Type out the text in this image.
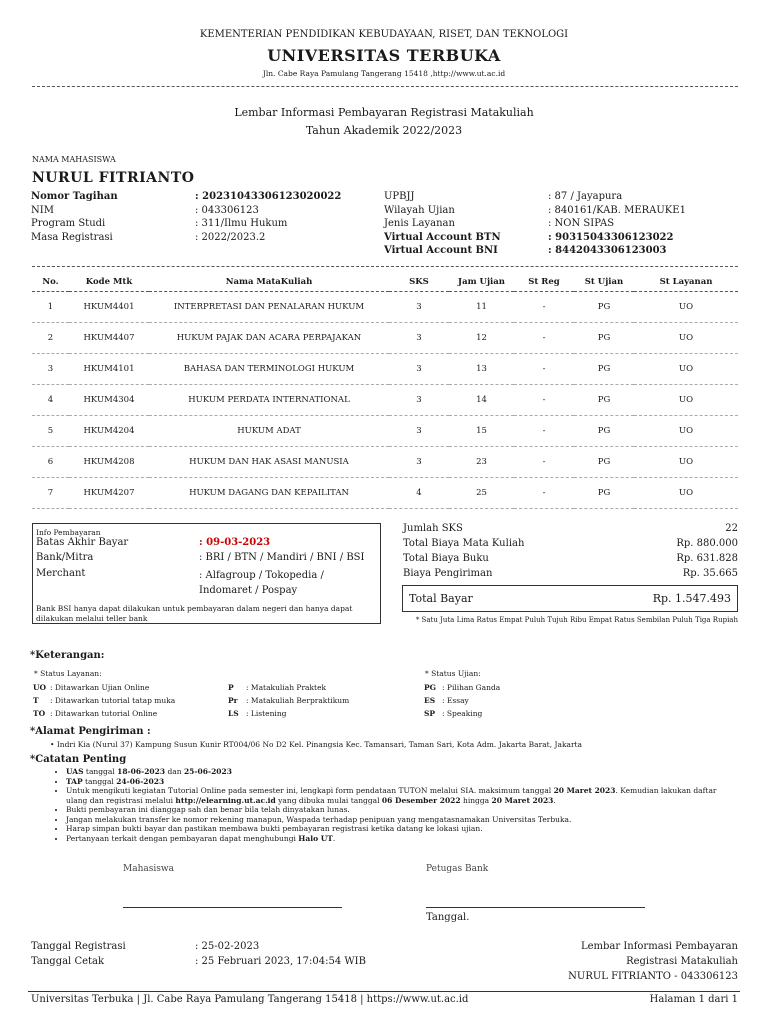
KEMENTERIAN PENDIDIKAN KEBUDAYAAN, RISET, DAN TEKNOLOGI
UNIVERSITAS TERBUKA
Jln. Cabe Raya Pamulang Tangerang 15418 ,http://www.ut.ac.id
Lembar Informasi Pembayaran Registrasi Matakuliah
Tahun Akademik 2022/2023
NAMA MAHASISWA
NURUL FITRIANTO
Nomor Tagihan	: 20231043306123020022
NIM	: 043306123
Program Studi	: 311/Ilmu Hukum
Masa Registrasi	: 2022/2023.2
UPBJJ	: 87 / Jayapura
Wilayah Ujian	: 840161/KAB. MERAUKE1
Jenis Layanan	: NON SIPAS
Virtual Account BTN	: 90315043306123022
Virtual Account BNI	: 8442043306123003
No.	Kode Mtk	Nama MataKuliah	SKS	Jam Ujian	St Reg	St Ujian	St Layanan
1	HKUM4401	INTERPRETASI DAN PENALARAN HUKUM	3	11	-	PG	UO
2	HKUM4407	HUKUM PAJAK DAN ACARA PERPAJAKAN	3	12	-	PG	UO
3	HKUM4101	BAHASA DAN TERMINOLOGI HUKUM	3	13	-	PG	UO
4	HKUM4304	HUKUM PERDATA INTERNATIONAL	3	14	-	PG	UO
5	HKUM4204	HUKUM ADAT	3	15	-	PG	UO
6	HKUM4208	HUKUM DAN HAK ASASI MANUSIA	3	23	-	PG	UO
7	HKUM4207	HUKUM DAGANG DAN KEPAILITAN	4	25	-	PG	UO
Info Pembayaran
Batas Akhir Bayar	: 09-03-2023
Bank/Mitra	: BRI / BTN / Mandiri / BNI / BSI
Merchant	: Alfagroup / Tokopedia / Indomaret / Pospay
Bank BSI hanya dapat dilakukan untuk pembayaran dalam negeri dan hanya dapat dilakukan melalui teller bank
Jumlah SKS	22
Total Biaya Mata Kuliah	Rp. 880.000
Total Biaya Buku	Rp. 631.828
Biaya Pengiriman	Rp. 35.665
Total Bayar	Rp. 1.547.493
* Satu Juta Lima Ratus Empat Puluh Tujuh Ribu Empat Ratus Sembilan Puluh Tiga Rupiah
*Keterangan:
* Status Layanan:	* Status Ujian:
UO : Ditawarkan Ujian Online
T : Ditawarkan tutorial tatap muka
TO : Ditawarkan tutorial Online
P : Matakuliah Praktek
Pr : Matakuliah Berpraktikum
LS : Listening
PG : Pilihan Ganda
ES : Essay
SP : Speaking
*Alamat Pengiriman :
• Indri Kia (Nurul 37) Kampung Susun Kunir RT004/06 No D2 Kel. Pinangsia Kec. Tamansari, Taman Sari, Kota Adm. Jakarta Barat, Jakarta
*Catatan Penting
• UAS tanggal 18-06-2023 dan 25-06-2023
• TAP tanggal 24-06-2023
• Untuk mengikuti kegiatan Tutorial Online pada semester ini, lengkapi form pendataan TUTON melalui SIA. maksimum tanggal 20 Maret 2023. Kemudian lakukan daftar ulang dan registrasi melalui http://elearning.ut.ac.id yang dibuka mulai tanggal 06 Desember 2022 hingga 20 Maret 2023.
• Bukti pembayaran ini dianggap sah dan benar bila telah dinyatakan lunas.
• Jangan melakukan transfer ke nomor rekening manapun, Waspada terhadap penipuan yang mengatasnamakan Universitas Terbuka.
• Harap simpan bukti bayar dan pastikan membawa bukti pembayaran registrasi ketika datang ke lokasi ujian.
• Pertanyaan terkait dengan pembayaran dapat menghubungi Halo UT.
Mahasiswa	Petugas Bank
Tanggal.
Tanggal Registrasi	: 25-02-2023
Tanggal Cetak	: 25 Februari 2023, 17:04:54 WIB
Lembar Informasi Pembayaran
Registrasi Matakuliah
NURUL FITRIANTO - 043306123
Universitas Terbuka | Jl. Cabe Raya Pamulang Tangerang 15418 | https://www.ut.ac.id	Halaman 1 dari 1
